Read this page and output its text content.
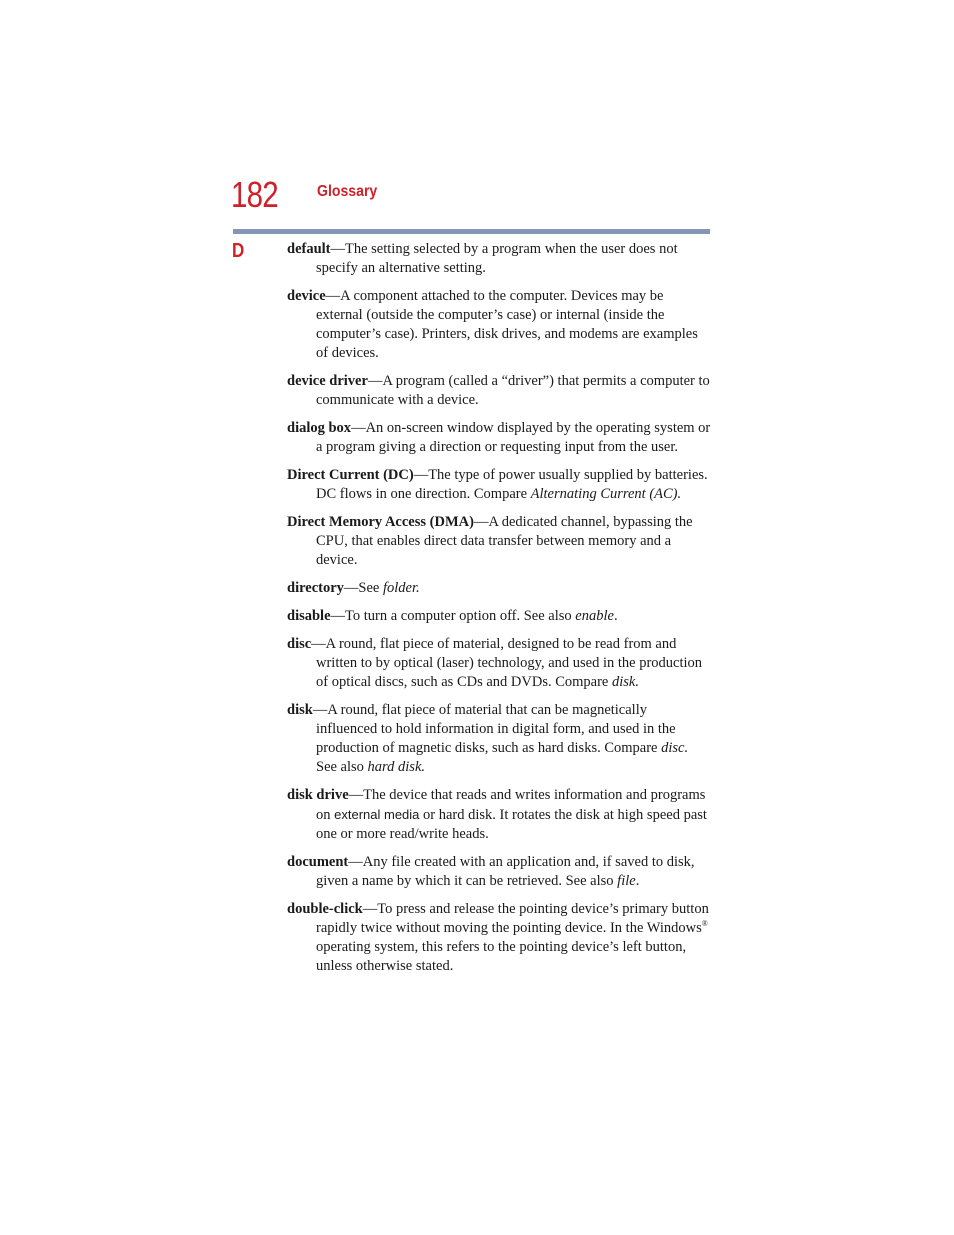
182 Glossary
D	default—The setting selected by a program when the user does not specify an alternative setting.

device—A component attached to the computer. Devices may be external (outside the computer’s case) or internal (inside the computer’s case). Printers, disk drives, and modems are examples of devices.

device driver—A program (called a “driver”) that permits a computer to communicate with a device.

dialog box—An on-screen window displayed by the operating system or a program giving a direction or requesting input from the user.

Direct Current (DC)—The type of power usually supplied by batteries. DC flows in one direction. Compare Alternating Current (AC).

Direct Memory Access (DMA)—A dedicated channel, bypassing the CPU, that enables direct data transfer between memory and a device.

directory—See folder.

disable—To turn a computer option off. See also enable.

disc—A round, flat piece of material, designed to be read from and written to by optical (laser) technology, and used in the production of optical discs, such as CDs and DVDs. Compare disk.

disk—A round, flat piece of material that can be magnetically influenced to hold information in digital form, and used in the production of magnetic disks, such as hard disks. Compare disc. See also hard disk.

disk drive—The device that reads and writes information and programs on external media or hard disk. It rotates the disk at high speed past one or more read/write heads.

document—Any file created with an application and, if saved to disk, given a name by which it can be retrieved. See also file.

double-click—To press and release the pointing device’s primary button rapidly twice without moving the pointing device. In the Windows® operating system, this refers to the pointing device’s left button, unless otherwise stated.
